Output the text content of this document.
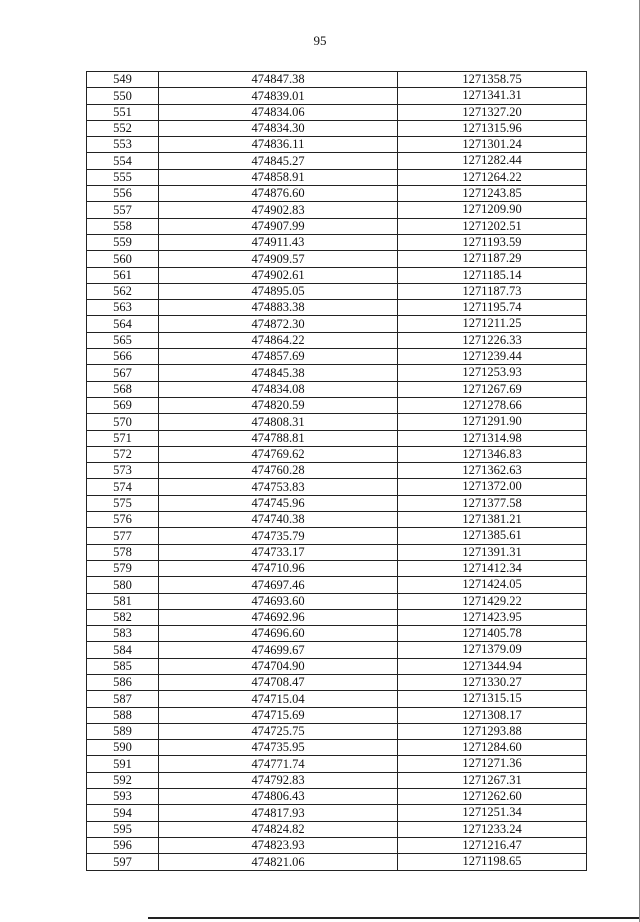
95
549	474847.38	1271358.75
550	474839.01	1271341.31
551	474834.06	1271327.20
552	474834.30	1271315.96
553	474836.11	1271301.24
554	474845.27	1271282.44
555	474858.91	1271264.22
556	474876.60	1271243.85
557	474902.83	1271209.90
558	474907.99	1271202.51
559	474911.43	1271193.59
560	474909.57	1271187.29
561	474902.61	1271185.14
562	474895.05	1271187.73
563	474883.38	1271195.74
564	474872.30	1271211.25
565	474864.22	1271226.33
566	474857.69	1271239.44
567	474845.38	1271253.93
568	474834.08	1271267.69
569	474820.59	1271278.66
570	474808.31	1271291.90
571	474788.81	1271314.98
572	474769.62	1271346.83
573	474760.28	1271362.63
574	474753.83	1271372.00
575	474745.96	1271377.58
576	474740.38	1271381.21
577	474735.79	1271385.61
578	474733.17	1271391.31
579	474710.96	1271412.34
580	474697.46	1271424.05
581	474693.60	1271429.22
582	474692.96	1271423.95
583	474696.60	1271405.78
584	474699.67	1271379.09
585	474704.90	1271344.94
586	474708.47	1271330.27
587	474715.04	1271315.15
588	474715.69	1271308.17
589	474725.75	1271293.88
590	474735.95	1271284.60
591	474771.74	1271271.36
592	474792.83	1271267.31
593	474806.43	1271262.60
594	474817.93	1271251.34
595	474824.82	1271233.24
596	474823.93	1271216.47
597	474821.06	1271198.65
